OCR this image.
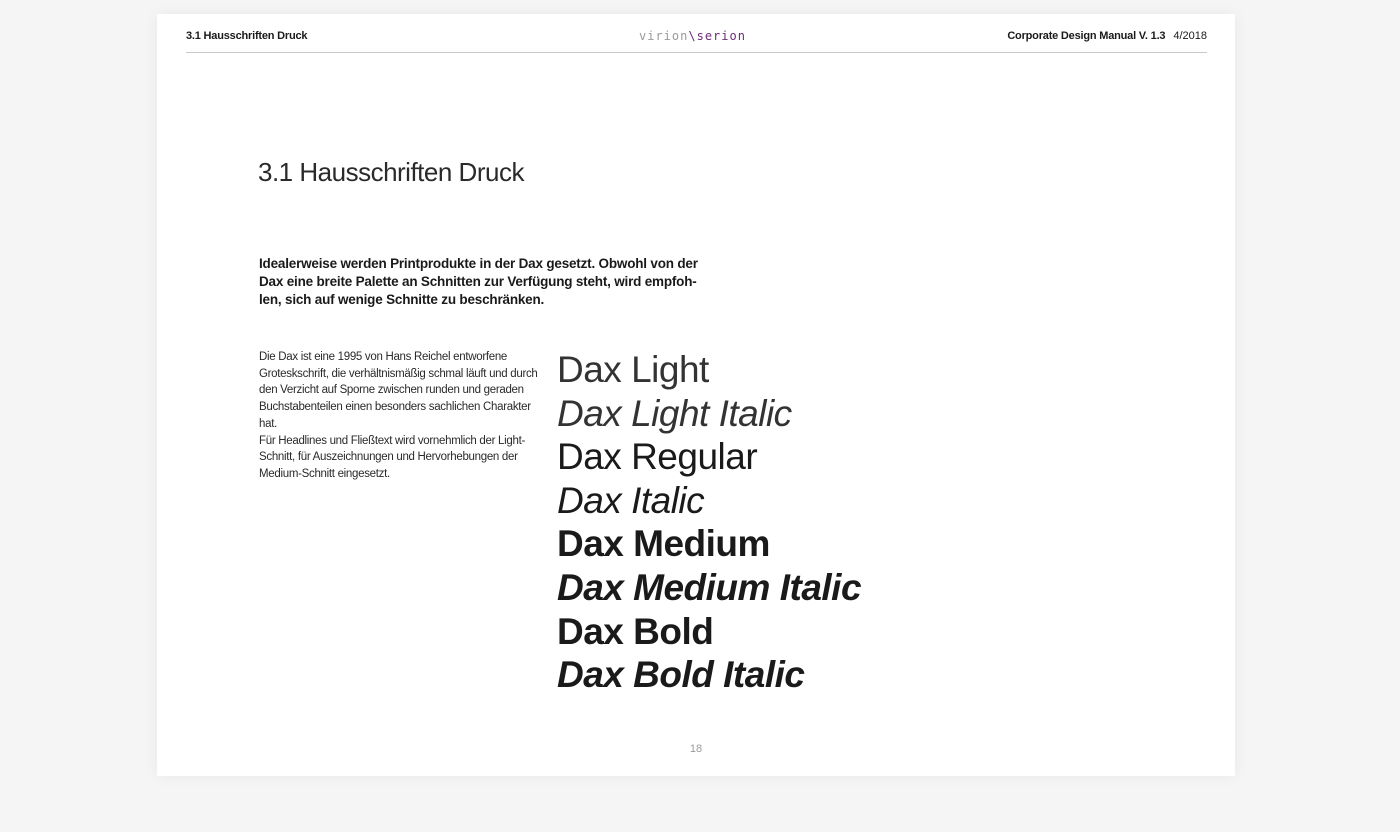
3.1 Hausschriften Druck	virion\serion	Corporate Design Manual V. 1.3 4/2018
3.1 Hausschriften Druck
Idealerweise werden Printprodukte in der Dax gesetzt. Obwohl von der Dax eine breite Palette an Schnitten zur Verfügung steht, wird empfoh-len, sich auf wenige Schnitte zu beschränken.

Die Dax ist eine 1995 von Hans Reichel entworfene Groteskschrift, die verhältnismäßig schmal läuft und durch den Verzicht auf Sporne zwischen runden und geraden Buchstabenteilen einen besonders sachlichen Charakter hat.

Für Headlines und Fließtext wird vornehmlich der Light-Schnitt, für Auszeichnungen und Hervorhebungen der Medium-Schnitt eingesetzt.

Dax Light
Dax Light Italic
Dax Regular
Dax Italic
Dax Medium
Dax Medium Italic
Dax Bold
Dax Bold Italic
18
